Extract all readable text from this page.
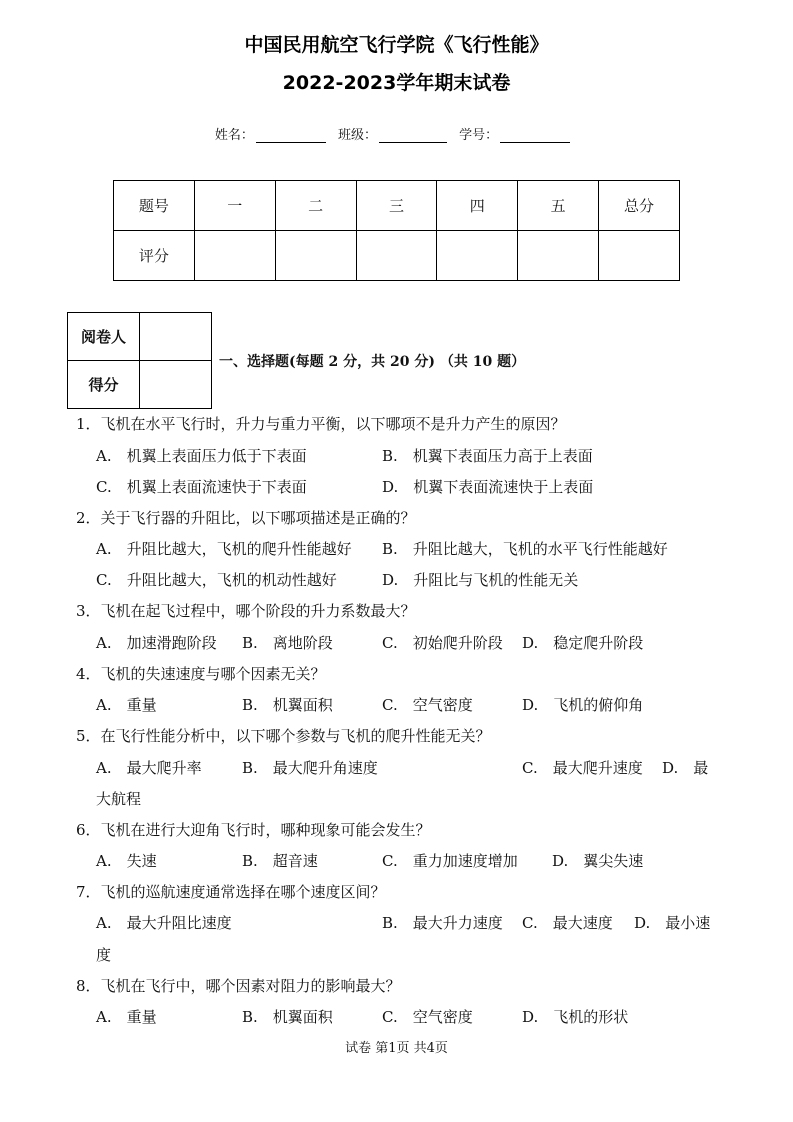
中国民用航空飞行学院《飞行性能》
2022-2023学年期末试卷
姓名：	班级：	学号：
题号	一	二	三	四	五	总分
评分						
阅卷人	
得分	
一、选择题(每题 2 分，共 20 分) （共 10 题）
1．飞机在水平飞行时，升力与重力平衡，以下哪项不是升力产生的原因？
A.　机翼上表面压力低于下表面	B.　机翼下表面压力高于上表面
C.　机翼上表面流速快于下表面	D.　机翼下表面流速快于上表面
2．关于飞行器的升阻比，以下哪项描述是正确的？
A.　升阻比越大，飞机的爬升性能越好 B.　升阻比越大，飞机的水平飞行性能越好
C.　升阻比越大，飞机的机动性越好	D.　升阻比与飞机的性能无关
3．飞机在起飞过程中，哪个阶段的升力系数最大？
A.　加速滑跑阶段 B.　离地阶段	C.　初始爬升阶段 D.　稳定爬升阶段
4．飞机的失速速度与哪个因素无关？
A.　重量	B.　机翼面积	C.　空气密度	D.　飞机的俯仰角
5．在飞行性能分析中，以下哪个参数与飞机的爬升性能无关？
A.　最大爬升率	B.　最大爬升角速度	C.　最大爬升速度 D.　最
大航程
6．飞机在进行大迎角飞行时，哪种现象可能会发生？
A.　失速	B.　超音速	C.　重力加速度增加 D.　翼尖失速
7．飞机的巡航速度通常选择在哪个速度区间？
A.　最大升阻比速度	B.　最大升力速度 C.　最大速度 D.　最小速
度
8．飞机在飞行中，哪个因素对阻力的影响最大？
A.　重量	B.　机翼面积	C.　空气密度	D.　飞机的形状
试卷 第1页 共4页
